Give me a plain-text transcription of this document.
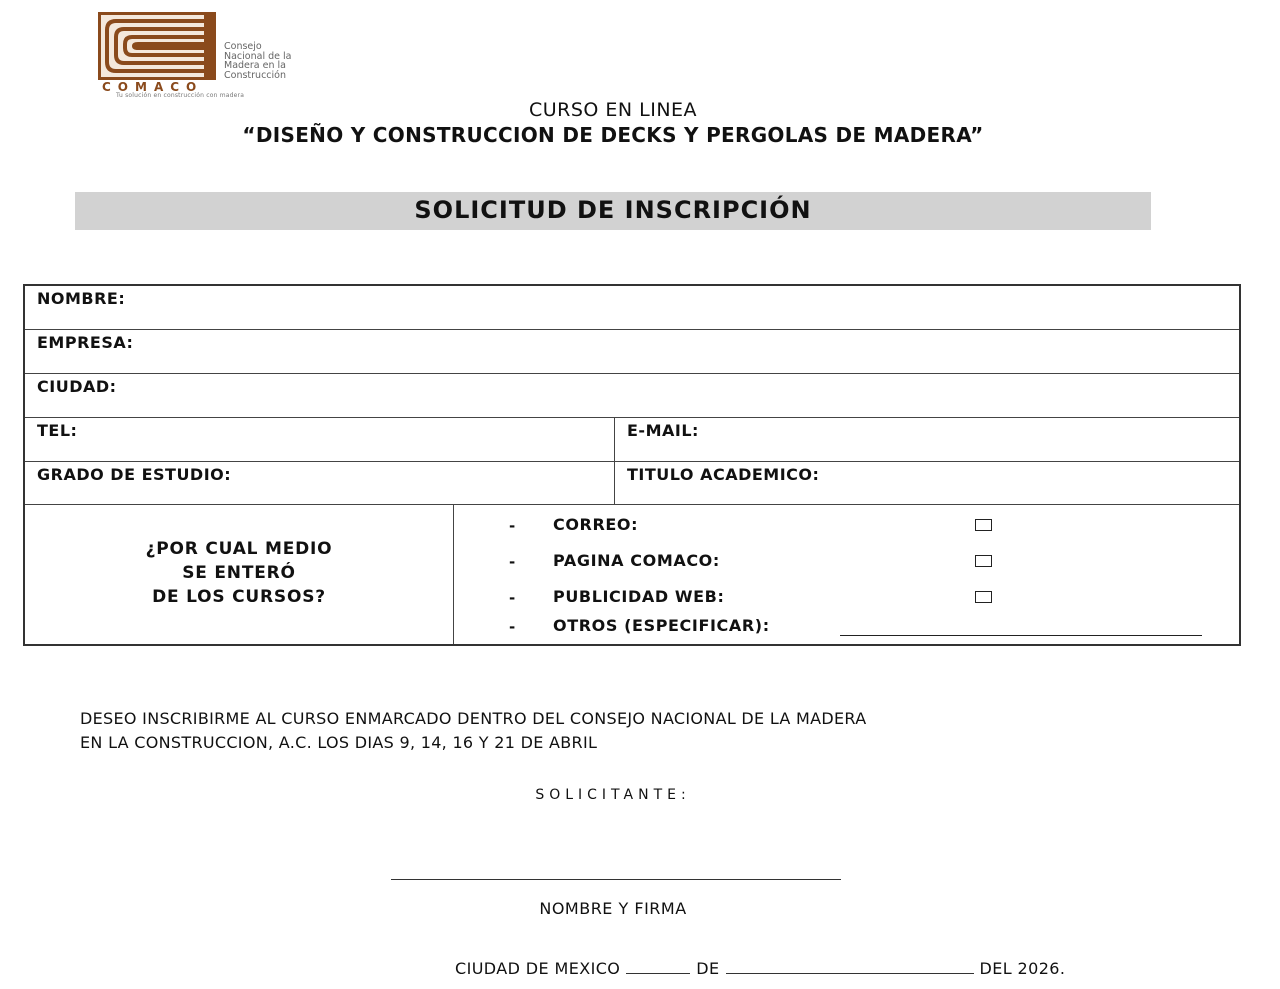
COMACO
Consejo
Nacional de la
Madera en la
Construcción
Tu solución en construcción con madera
CURSO EN LINEA
“DISEÑO Y CONSTRUCCION DE DECKS Y PERGOLAS DE MADERA”
SOLICITUD DE INSCRIPCIÓN
NOMBRE:
EMPRESA:
CIUDAD:
TEL:	E-MAIL:
GRADO DE ESTUDIO:	TITULO ACADEMICO:
¿POR CUAL MEDIO
SE ENTERÓ
DE LOS CURSOS?
- CORREO:
- PAGINA COMACO:
- PUBLICIDAD WEB:
- OTROS (ESPECIFICAR):
DESEO INSCRIBIRME AL CURSO ENMARCADO DENTRO DEL CONSEJO NACIONAL DE LA MADERA
EN LA CONSTRUCCION, A.C. LOS DIAS 9, 14, 16 Y 21 DE ABRIL
SOLICITANTE:
NOMBRE Y FIRMA
CIUDAD DE MEXICO	DE	DEL 2026.
